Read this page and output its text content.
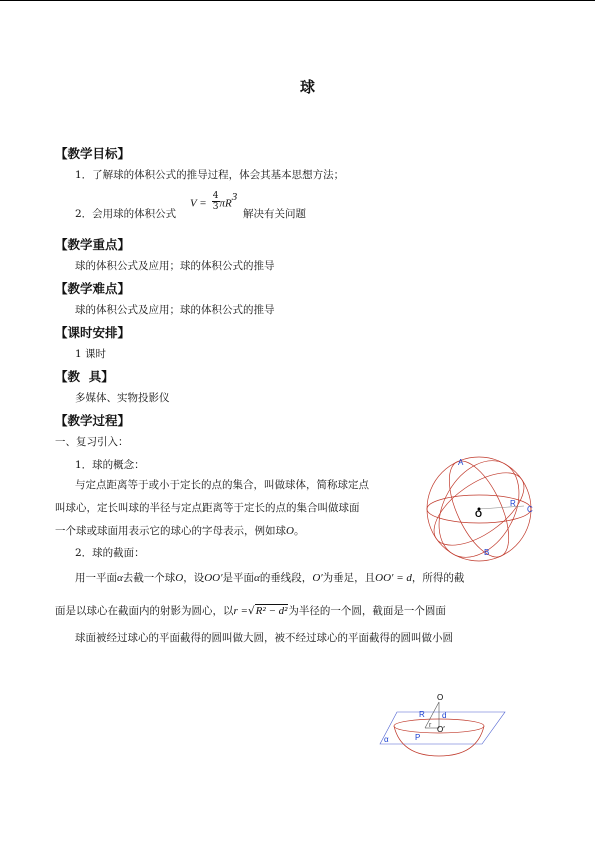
球
【教学目标】
1．了解球的体积公式的推导过程，体会其基本思想方法；
2．会用球的体积公式
$V = \frac{4}{3} \pi R^3$
解决有关问题
【教学重点】
球的体积公式及应用；球的体积公式的推导
【教学难点】
球的体积公式及应用；球的体积公式的推导
【课时安排】
1 课时
【教  具】
多媒体、实物投影仪
【教学过程】
一、复习引入：
1．球的概念：
与定点距离等于或小于定长的点的集合，叫做球体，简称球定点
叫球心，定长叫球的半径与定点距离等于定长的点的集合叫做球面
一个球或球面用表示它的球心的字母表示，例如球O。
2．球的截面：
用一平面α去截一个球O，设OO′是平面α的垂线段，O′为垂足，且OO′ = d，所得的截
面是以球心在截面内的射影为圆心，以r =√R² − d²为半径的一个圆，截面是一个圆面
球面被经过球心的平面截得的圆叫做大圆，被不经过球心的平面截得的圆叫做小圆
A
O
R
C
B
O
R d
r O′
α	P
